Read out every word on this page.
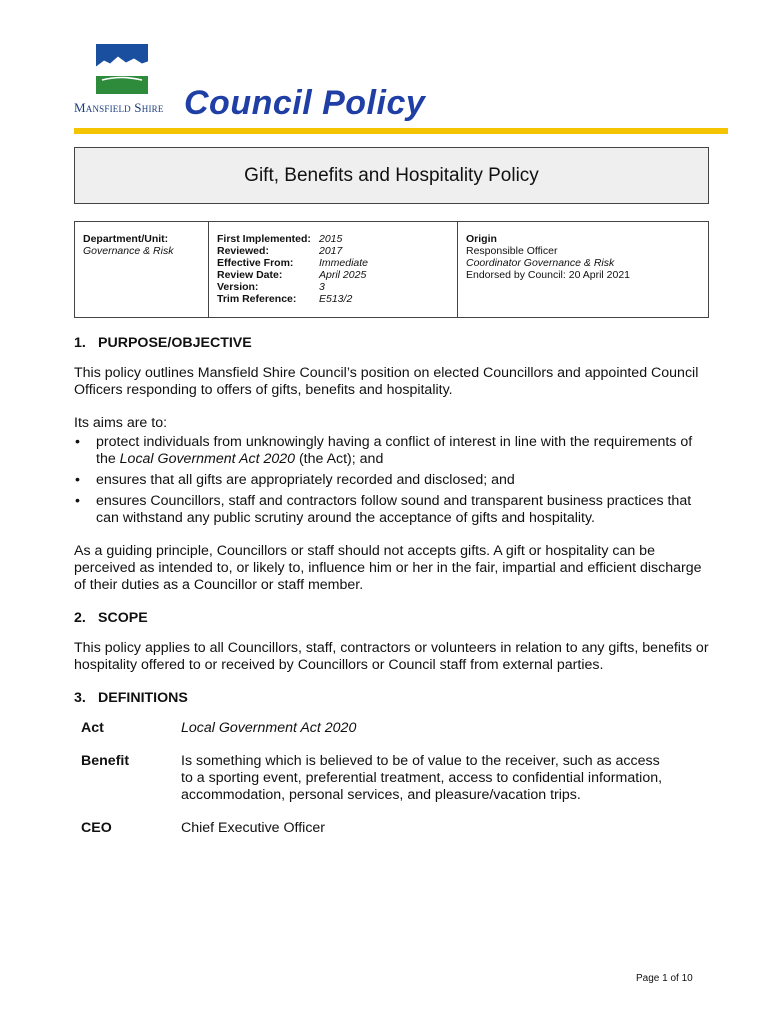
Mansfield Shire Council Policy
Gift, Benefits and Hospitality Policy
Department/Unit:
Governance & Risk
First Implemented: 2015
Reviewed:	2017
Effective From:	Immediate
Review Date:	April 2025
Version:	3
Trim Reference:	E513/2
Origin
Responsible Officer
Coordinator Governance & Risk
Endorsed by Council: 20 April 2021
1. PURPOSE/OBJECTIVE
This policy outlines Mansfield Shire Council’s position on elected Councillors and appointed Council Officers responding to offers of gifts, benefits and hospitality.
Its aims are to:
• protect individuals from unknowingly having a conflict of interest in line with the requirements of the Local Government Act 2020 (the Act); and
• ensures that all gifts are appropriately recorded and disclosed; and
• ensures Councillors, staff and contractors follow sound and transparent business practices that can withstand any public scrutiny around the acceptance of gifts and hospitality.
As a guiding principle, Councillors or staff should not accepts gifts. A gift or hospitality can be perceived as intended to, or likely to, influence him or her in the fair, impartial and efficient discharge of their duties as a Councillor or staff member.
2. SCOPE
This policy applies to all Councillors, staff, contractors or volunteers in relation to any gifts, benefits or hospitality offered to or received by Councillors or Council staff from external parties.
3. DEFINITIONS
Act	Local Government Act 2020
Benefit	Is something which is believed to be of value to the receiver, such as access to a sporting event, preferential treatment, access to confidential information, accommodation, personal services, and pleasure/vacation trips.
CEO	Chief Executive Officer
Page 1 of 10
